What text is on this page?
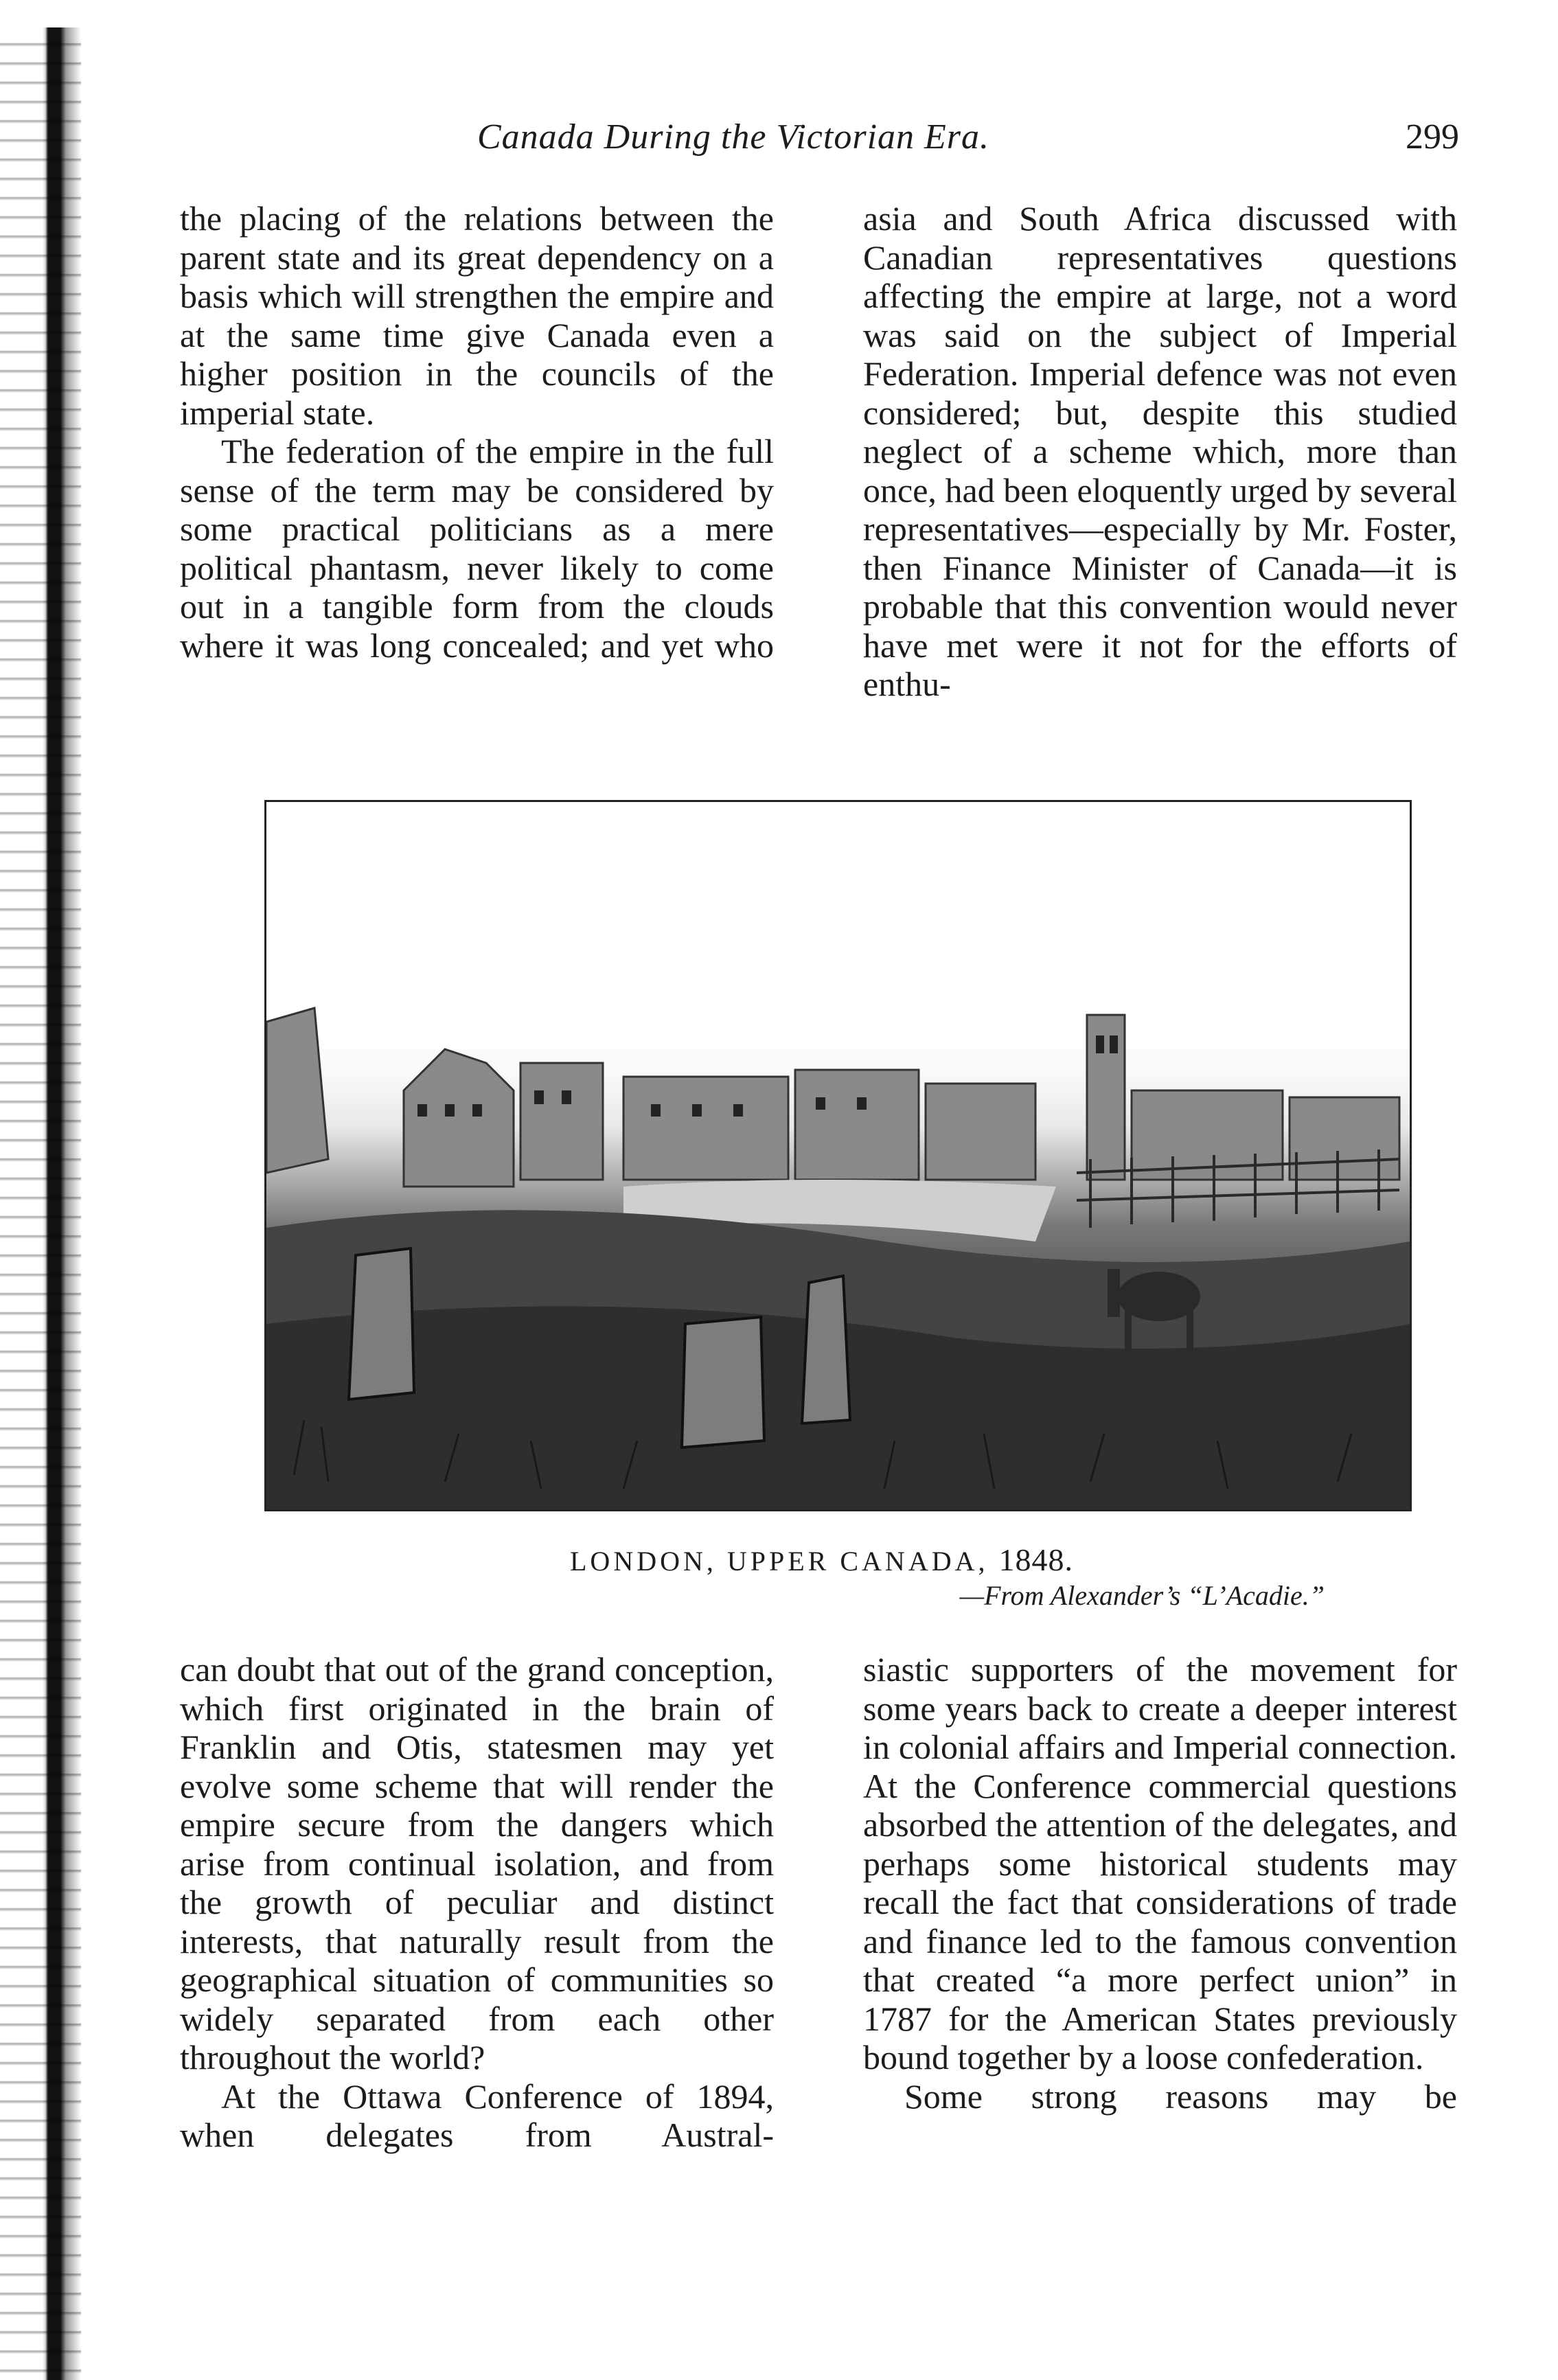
Canada During the Victorian Era.	299

the placing of the relations between the parent state and its great dependency on a basis which will strengthen the empire and at the same time give Canada even a higher position in the councils of the imperial state.

The federation of the empire in the full sense of the term may be considered by some practical politicians as a mere political phantasm, never likely to come out in a tangible form from the clouds where it was long concealed; and yet who

asia and South Africa discussed with Canadian representatives questions affecting the empire at large, not a word was said on the subject of Imperial Federation. Imperial defence was not even considered; but, despite this studied neglect of a scheme which, more than once, had been eloquently urged by several representatives—especially by Mr. Foster, then Finance Minister of Canada—it is probable that this convention would never have met were it not for the efforts of enthu-

LONDON, UPPER CANADA, 1848.
—From Alexander’s “L’Acadie.”

can doubt that out of the grand conception, which first originated in the brain of Franklin and Otis, statesmen may yet evolve some scheme that will render the empire secure from the dangers which arise from continual isolation, and from the growth of peculiar and distinct interests, that naturally result from the geographical situation of communities so widely separated from each other throughout the world?

At the Ottawa Conference of 1894, when delegates from Austral-

siastic supporters of the movement for some years back to create a deeper interest in colonial affairs and Imperial connection. At the Conference commercial questions absorbed the attention of the delegates, and perhaps some historical students may recall the fact that considerations of trade and finance led to the famous convention that created “a more perfect union” in 1787 for the American States previously bound together by a loose confederation.

Some strong reasons may be
